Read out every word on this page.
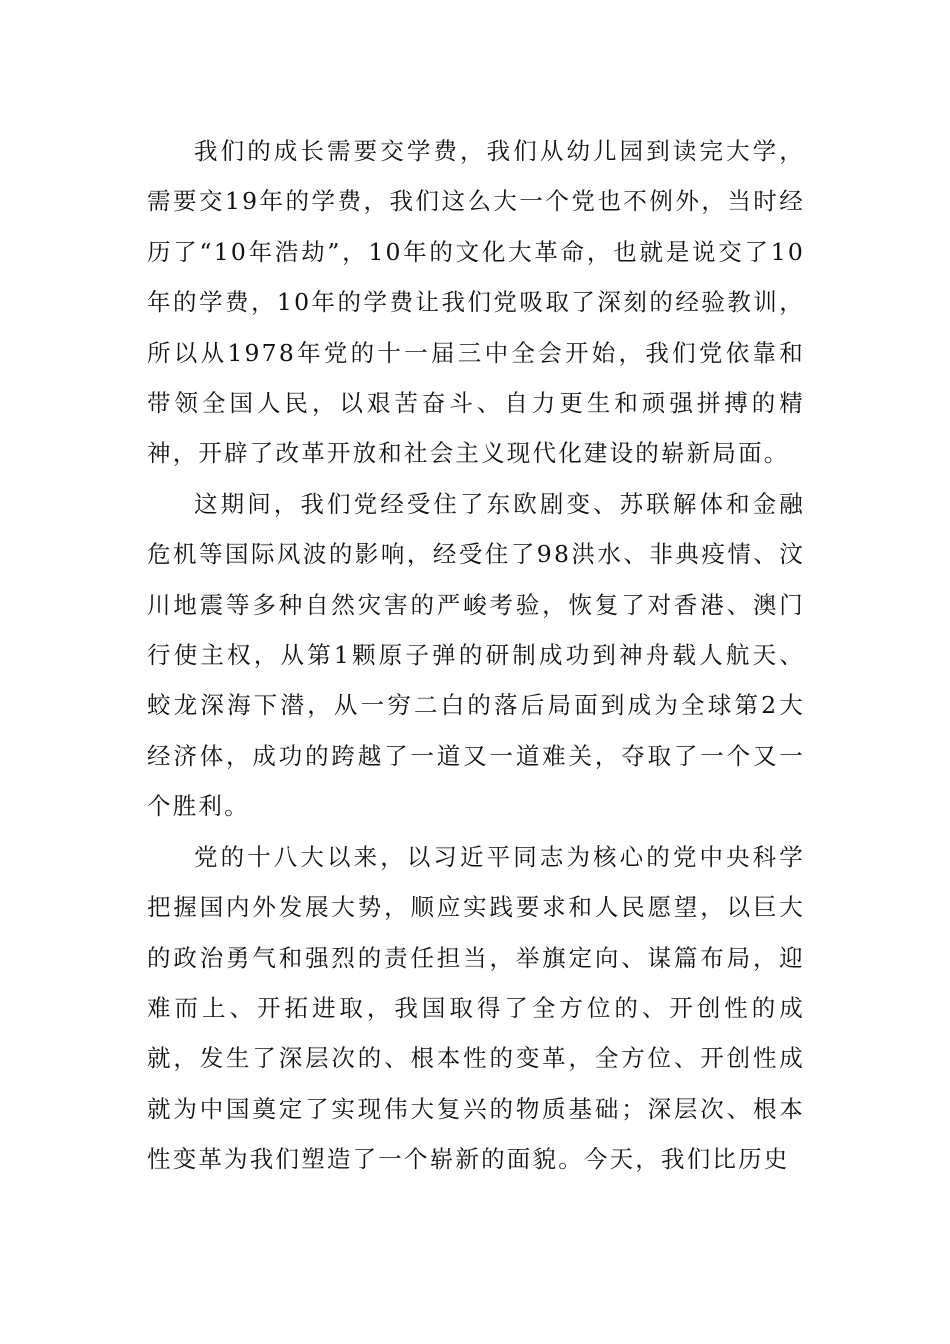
我们的成长需要交学费，我们从幼儿园到读完大学，需要交19年的学费，我们这么大一个党也不例外，当时经历了“10年浩劫”，10年的文化大革命，也就是说交了10年的学费，10年的学费让我们党吸取了深刻的经验教训，所以从1978年党的十一届三中全会开始，我们党依靠和带领全国人民，以艰苦奋斗、自力更生和顽强拼搏的精神，开辟了改革开放和社会主义现代化建设的崭新局面。

这期间，我们党经受住了东欧剧变、苏联解体和金融危机等国际风波的影响，经受住了98洪水、非典疫情、汶川地震等多种自然灾害的严峻考验，恢复了对香港、澳门行使主权，从第1颗原子弹的研制成功到神舟载人航天、蛟龙深海下潜，从一穷二白的落后局面到成为全球第2大经济体，成功的跨越了一道又一道难关，夺取了一个又一个胜利。

党的十八大以来，以习近平同志为核心的党中央科学把握国内外发展大势，顺应实践要求和人民愿望，以巨大的政治勇气和强烈的责任担当，举旗定向、谋篇布局，迎难而上、开拓进取，我国取得了全方位的、开创性的成就，发生了深层次的、根本性的变革，全方位、开创性成就为中国奠定了实现伟大复兴的物质基础；深层次、根本性变革为我们塑造了一个崭新的面貌。今天，我们比历史
